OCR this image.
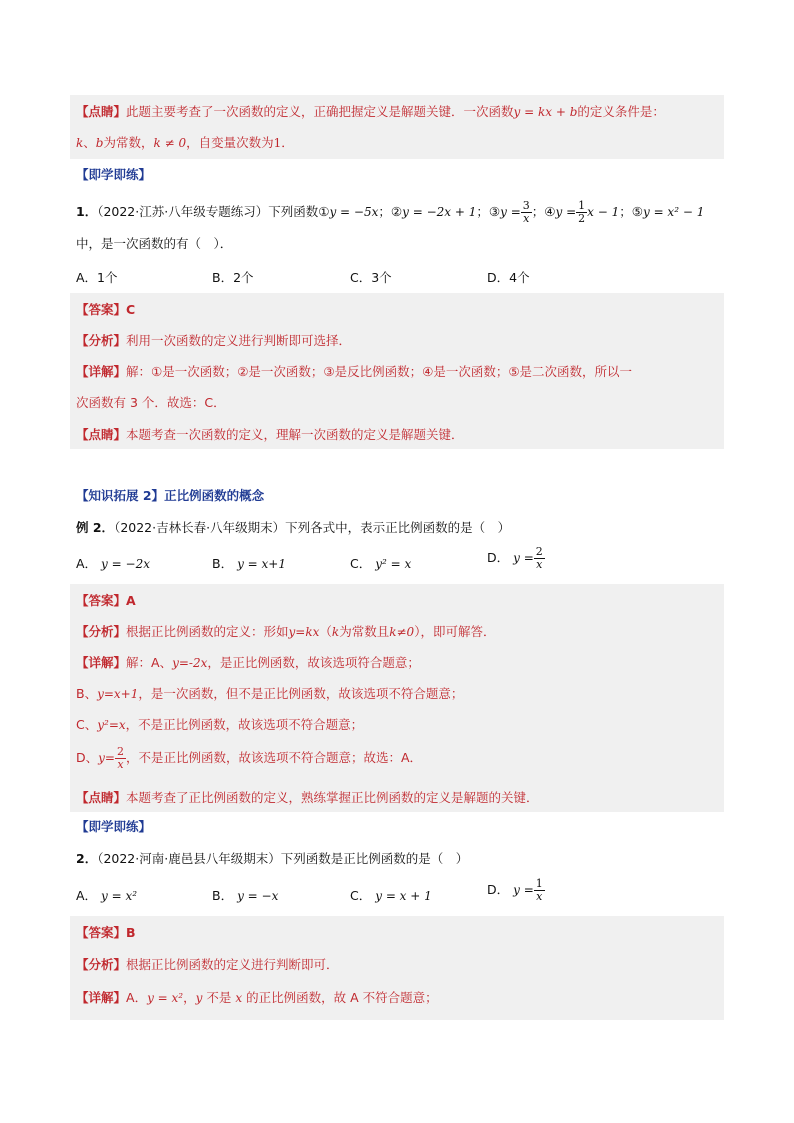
【点睛】此题主要考查了一次函数的定义，正确把握定义是解题关键．一次函数y = kx + b的定义条件是：
k、b为常数，k ≠ 0，自变量次数为1．
【即学即练】
1．（2022·江苏·八年级专题练习）下列函数①y = −5x；②y = −2x + 1；③y = $\frac{3}{x}$ ；④y = $\frac{1}{2}$ x − 1；⑤y = x² − 1
中，是一次函数的有（　）．
A．1个	B．2个	C．3个	D．4个
【答案】C
【分析】利用一次函数的定义进行判断即可选择．
【详解】解：①是一次函数；②是一次函数；③是反比例函数；④是一次函数；⑤是二次函数，所以一
次函数有 3 个．故选：C．
【点睛】本题考查一次函数的定义，理解一次函数的定义是解题关键．
【知识拓展 2】正比例函数的概念
例 2．（2022·吉林长春·八年级期末）下列各式中，表示正比例函数的是（　）
A． y = −2x	B． y = x+1	C． y² = x	D． $y = \frac{2}{x}$
【答案】A
【分析】根据正比例函数的定义：形如y=kx（k为常数且k≠0），即可解答．
【详解】解：A、y=-2x，是正比例函数，故该选项符合题意；
B、y=x+1，是一次函数，但不是正比例函数，故该选项不符合题意；
C、y²=x，不是正比例函数，故该选项不符合题意；
D、$y= \frac{2}{x}$ ，不是正比例函数，故该选项不符合题意；故选：A．
【点睛】本题考查了正比例函数的定义，熟练掌握正比例函数的定义是解题的关键．
【即学即练】
2．（2022·河南·鹿邑县八年级期末）下列函数是正比例函数的是（　）
A． y = x²	B． y = −x	C． y = x + 1	D． $y = \frac{1}{x}$
【答案】B
【分析】根据正比例函数的定义进行判断即可．
【详解】A．y = x²，y 不是 x 的正比例函数，故 A 不符合题意；
